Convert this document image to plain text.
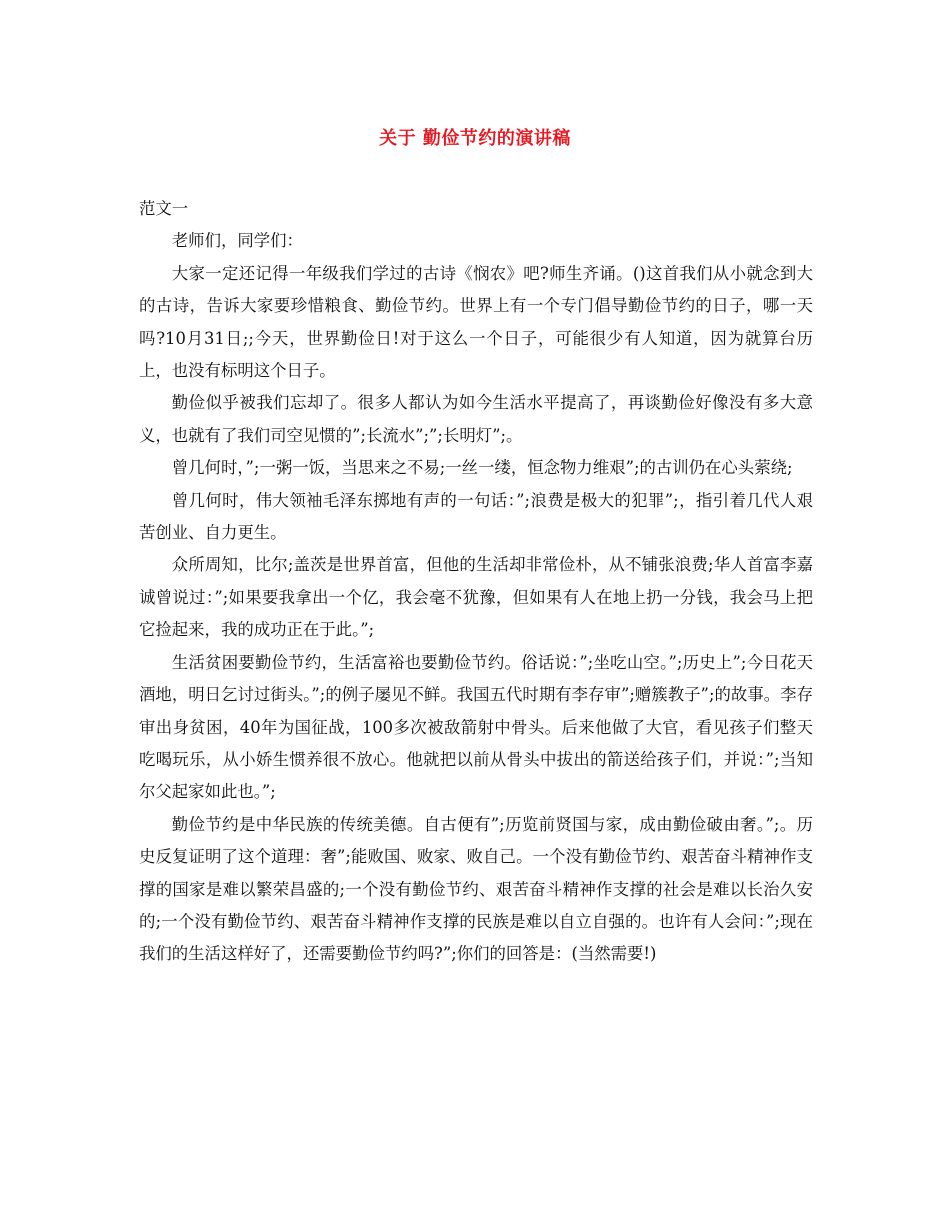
关于 勤俭节约的演讲稿

范文一

老师们，同学们：

大家一定还记得一年级我们学过的古诗《悯农》吧?师生齐诵。()这首我们从小就念到大的古诗，告诉大家要珍惜粮食、勤俭节约。世界上有一个专门倡导勤俭节约的日子，哪一天吗?10月31日;;今天，世界勤俭日!对于这么一个日子，可能很少有人知道，因为就算台历上，也没有标明这个日子。

勤俭似乎被我们忘却了。很多人都认为如今生活水平提高了，再谈勤俭好像没有多大意义，也就有了我们司空见惯的”;长流水”;”;长明灯”;。

曾几何时，”;一粥一饭，当思来之不易;一丝一缕，恒念物力维艰”;的古训仍在心头萦绕;

曾几何时，伟大领袖毛泽东掷地有声的一句话：”;浪费是极大的犯罪”;，指引着几代人艰苦创业、自力更生。

众所周知，比尔;盖茨是世界首富，但他的生活却非常俭朴，从不铺张浪费;华人首富李嘉诚曾说过：”;如果要我拿出一个亿，我会毫不犹豫，但如果有人在地上扔一分钱，我会马上把它捡起来，我的成功正在于此。”;

生活贫困要勤俭节约，生活富裕也要勤俭节约。俗话说：”;坐吃山空。”;历史上”;今日花天酒地，明日乞讨过街头。”;的例子屡见不鲜。我国五代时期有李存审”;赠簇教子”;的故事。李存审出身贫困，40年为国征战，100多次被敌箭射中骨头。后来他做了大官，看见孩子们整天吃喝玩乐，从小娇生惯养很不放心。他就把以前从骨头中拔出的箭送给孩子们，并说：”;当知尔父起家如此也。”;

勤俭节约是中华民族的传统美德。自古便有”;历览前贤国与家，成由勤俭破由奢。”;。历史反复证明了这个道理：奢”;能败国、败家、败自己。一个没有勤俭节约、艰苦奋斗精神作支撑的国家是难以繁荣昌盛的;一个没有勤俭节约、艰苦奋斗精神作支撑的社会是难以长治久安的;一个没有勤俭节约、艰苦奋斗精神作支撑的民族是难以自立自强的。也许有人会问：”;现在我们的生活这样好了，还需要勤俭节约吗?”;你们的回答是：(当然需要!)
